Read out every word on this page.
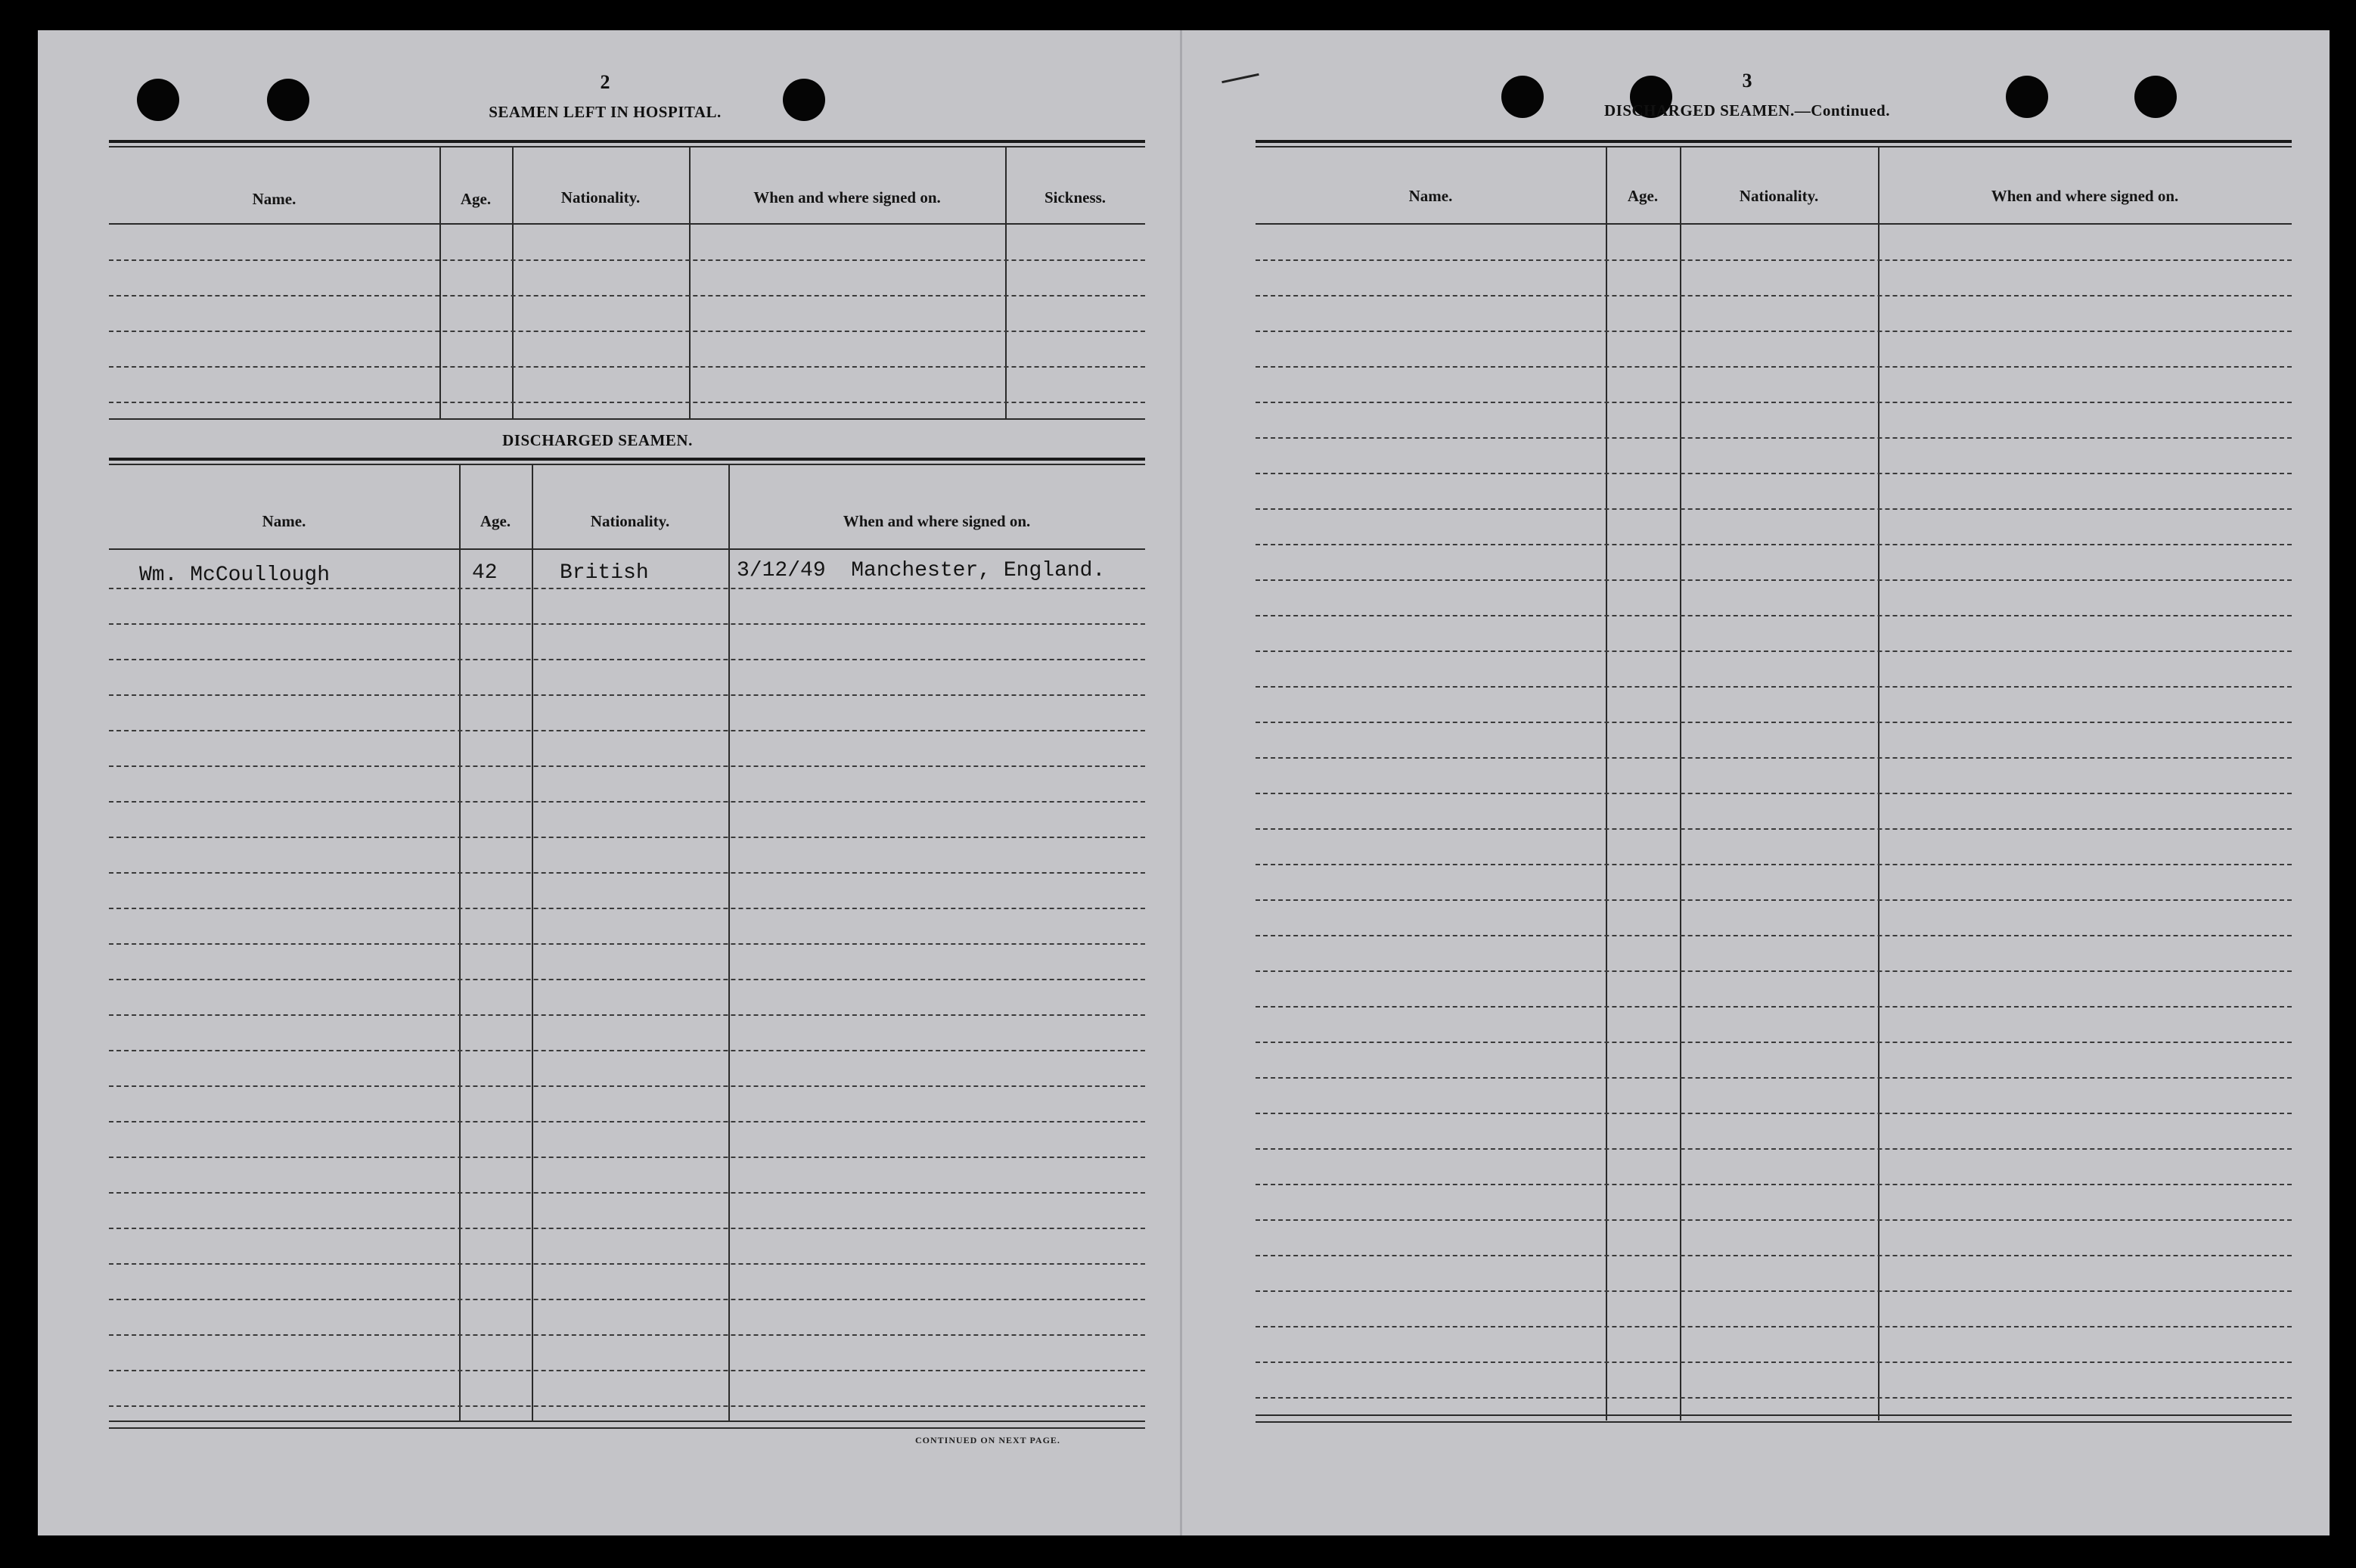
2
SEAMEN LEFT IN HOSPITAL.
Name.	Age.	Nationality.	When and where signed on.	Sickness.
DISCHARGED SEAMEN.
Name.	Age.	Nationality.	When and where signed on.
Wm. McCoullough	42	British	3/12/49  Manchester, England.
CONTINUED ON NEXT PAGE.
3
DISCHARGED SEAMEN.—Continued.
Name.	Age.	Nationality.	When and where signed on.
